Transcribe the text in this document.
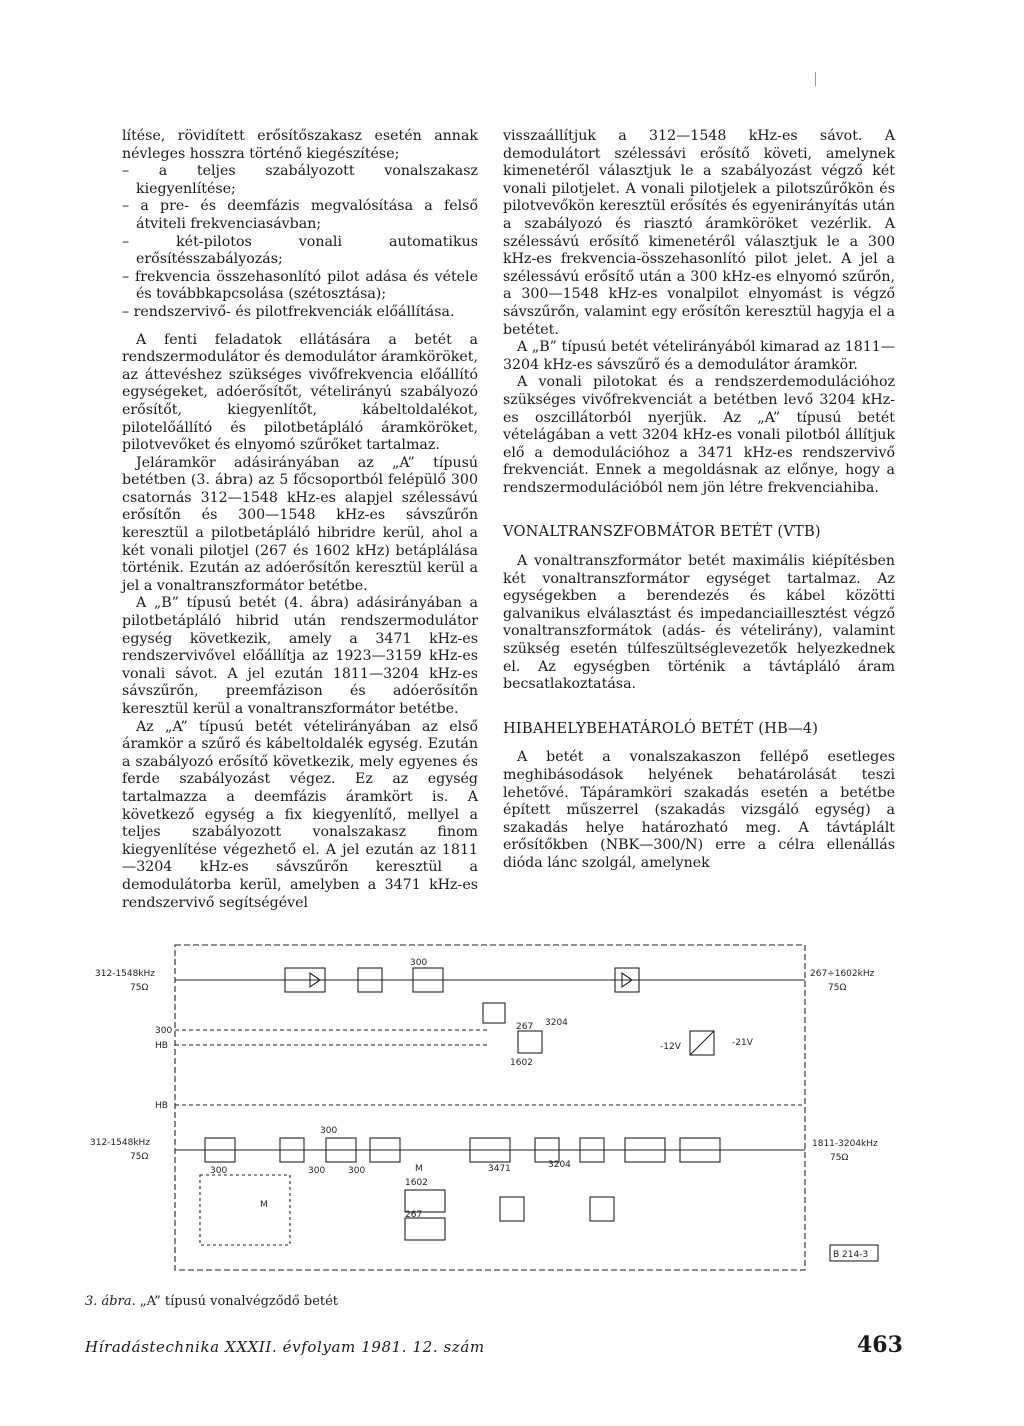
lítése, rövidített erősítőszakasz esetén annak névleges hosszra történő kiegészítése;

– a teljes szabályozott vonalszakasz kiegyenlítése;

– a pre- és deemfázis megvalósítása a felső átviteli frekvenciasávban;

– két-pilotos vonali automatikus erősítésszabályozás;

– frekvencia összehasonlító pilot adása és vétele és továbbkapcsolása (szétosztása);

– rendszervivő- és pilotfrekvenciák előállítása.

A fenti feladatok ellátására a betét a rendszermodulátor és demodulátor áramköröket, az áttevéshez szükséges vivőfrekvencia előállító egységeket, adóerősítőt, vételirányú szabályozó erősítőt, kiegyenlítőt, kábeltoldalékot, pilotelőállító és pilotbetápláló áramköröket, pilotvevőket és elnyomó szűrőket tartalmaz.

Jeláramkör adásirányában az „A” típusú betétben (3. ábra) az 5 főcsoportból felépülő 300 csatornás 312—1548 kHz-es alapjel szélessávú erősítőn és 300—1548 kHz-es sávszűrőn keresztül a pilotbetápláló hibridre kerül, ahol a két vonali pilotjel (267 és 1602 kHz) betáplálása történik. Ezután az adóerősítőn keresztül kerül a jel a vonaltranszformátor betétbe.

A „B” típusú betét (4. ábra) adásirányában a pilotbetápláló hibrid után rendszermodulátor egység következik, amely a 3471 kHz-es rendszervivővel előállítja az 1923—3159 kHz-es vonali sávot. A jel ezután 1811—3204 kHz-es sávszűrőn, preemfázison és adóerősítőn keresztül kerül a vonaltranszformátor betétbe.

Az „A” típusú betét vételirányában az első áramkör a szűrő és kábeltoldalék egység. Ezután a szabályozó erősítő következik, mely egyenes és ferde szabályozást végez. Ez az egység tartalmazza a deemfázis áramkört is. A következő egység a fix kiegyenlítő, mellyel a teljes szabályozott vonalszakasz finom kiegyenlítése végezhető el. A jel ezután az 1811—3204 kHz-es sávszűrőn keresztül a demodulátorba kerül, amelyben a 3471 kHz-es rendszervivő segítségével

visszaállítjuk a 312—1548 kHz-es sávot. A demodulátort szélessávi erősítő követi, amelynek kimenetéről választjuk le a szabályozást végző két vonali pilotjelet. A vonali pilotjelek a pilotszűrőkön és pilotvevőkön keresztül erősítés és egyenirányítás után a szabályozó és riasztó áramköröket vezérlik. A szélessávú erősítő kimenetéről választjuk le a 300 kHz-es frekvencia-összehasonlító pilot jelet. A jel a szélessávú erősítő után a 300 kHz-es elnyomó szűrőn, a 300—1548 kHz-es vonalpilot elnyomást is végző sávszűrőn, valamint egy erősítőn keresztül hagyja el a betétet.

A „B” típusú betét vételirányából kimarad az 1811—3204 kHz-es sávszűrő és a demodulátor áramkör.

A vonali pilotokat és a rendszerdemodulációhoz szükséges vivőfrekvenciát a betétben levő 3204 kHz-es oszcillátorból nyerjük. Az „A” típusú betét vételágában a vett 3204 kHz-es vonali pilotból állítjuk elő a demodulációhoz a 3471 kHz-es rendszervivő frekvenciát. Ennek a megoldásnak az előnye, hogy a rendszermodulációból nem jön létre frekvenciahiba.

VONALTRANSZFOBMÁTOR BETÉT (VTB)

A vonaltranszformátor betét maximális kiépítésben két vonaltranszformátor egységet tartalmaz. Az egységekben a berendezés és kábel közötti galvanikus elválasztást és impedanciaillesztést végző vonaltranszformátok (adás- és vételirány), valamint szükség esetén túlfeszültséglevezetők helyezkednek el. Az egységben történik a távtápláló áram becsatlakoztatása.

HIBAHELYBEHATÁROLÓ BETÉT (HB—4)

A betét a vonalszakaszon fellépő esetleges meghibásodások helyének behatárolását teszi lehetővé. Tápáramköri szakadás esetén a betétbe épített műszerrel (szakadás vizsgáló egység) a szakadás helye határozható meg. A távtáplált erősítőkben (NBK—300/N) erre a célra ellenállás dióda lánc szolgál, amelynek

312-1548kHz
75Ω
267÷1602kHz
75Ω
300
HB
HB
300
267 3204
1602
-12V	-21V
312-1548kHz
75Ω
1811-3204kHz
75Ω
300
300	300	300	M
M
3471
1602
267
3204
B 214-3
3. ábra. „A” típusú vonalvégződő betét
Híradástechnika XXXII. évfolyam 1981. 12. szám	463
